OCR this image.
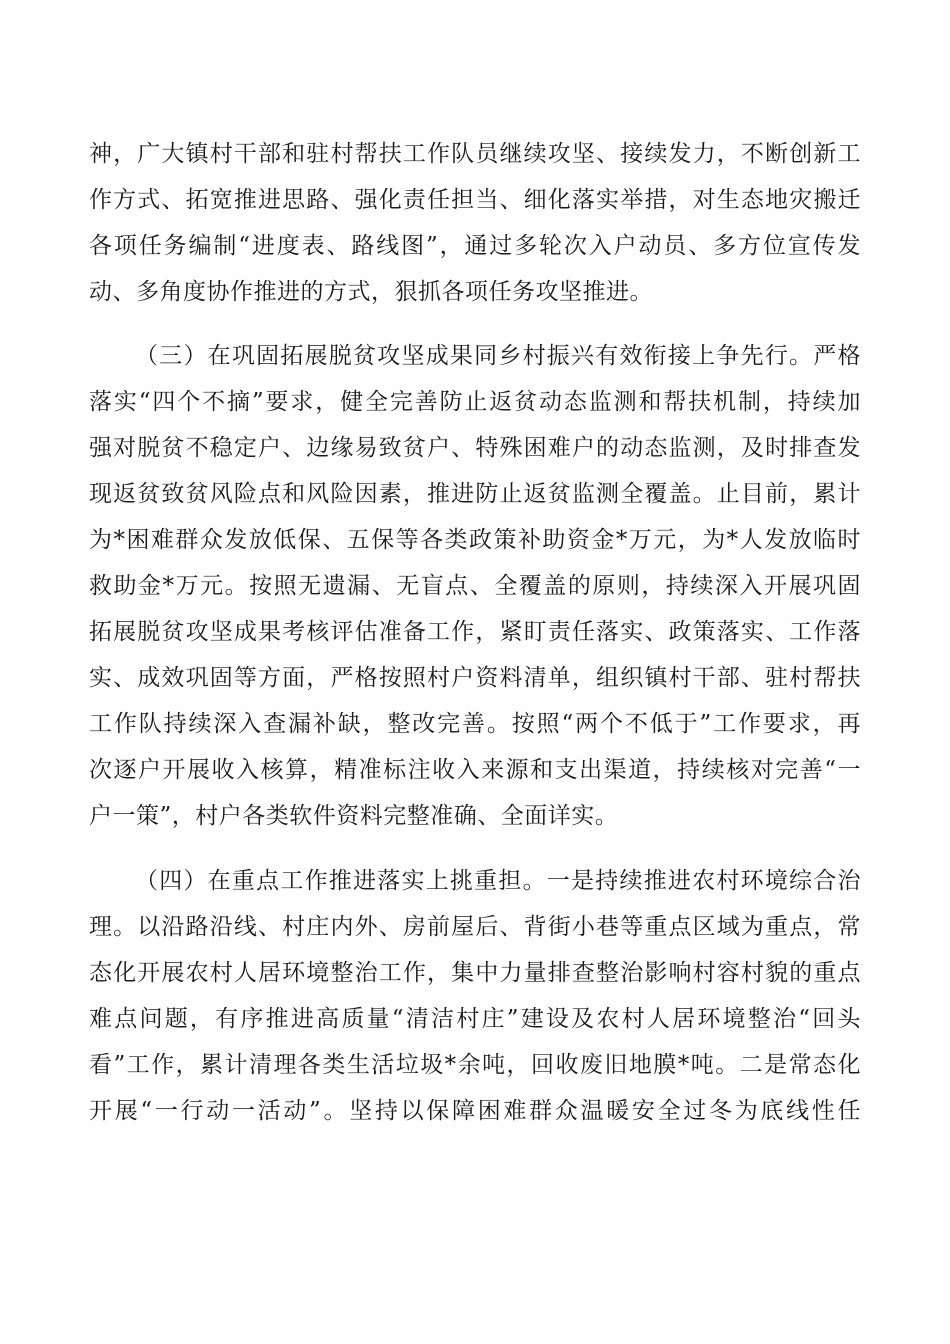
神，广大镇村干部和驻村帮扶工作队员继续攻坚、接续发力，不断创新工
作方式、拓宽推进思路、强化责任担当、细化落实举措，对生态地灾搬迁
各项任务编制“进度表、路线图”，通过多轮次入户动员、多方位宣传发
动、多角度协作推进的方式，狠抓各项任务攻坚推进。
（三）在巩固拓展脱贫攻坚成果同乡村振兴有效衔接上争先行。严格
落实“四个不摘”要求，健全完善防止返贫动态监测和帮扶机制，持续加
强对脱贫不稳定户、边缘易致贫户、特殊困难户的动态监测，及时排查发
现返贫致贫风险点和风险因素，推进防止返贫监测全覆盖。止目前，累计
为*困难群众发放低保、五保等各类政策补助资金*万元，为*人发放临时
救助金*万元。按照无遗漏、无盲点、全覆盖的原则，持续深入开展巩固
拓展脱贫攻坚成果考核评估准备工作，紧盯责任落实、政策落实、工作落
实、成效巩固等方面，严格按照村户资料清单，组织镇村干部、驻村帮扶
工作队持续深入查漏补缺，整改完善。按照“两个不低于”工作要求，再
次逐户开展收入核算，精准标注收入来源和支出渠道，持续核对完善“一
户一策”，村户各类软件资料完整准确、全面详实。
（四）在重点工作推进落实上挑重担。一是持续推进农村环境综合治
理。以沿路沿线、村庄内外、房前屋后、背街小巷等重点区域为重点，常
态化开展农村人居环境整治工作，集中力量排查整治影响村容村貌的重点
难点问题，有序推进高质量“清洁村庄”建设及农村人居环境整治“回头
看”工作，累计清理各类生活垃圾*余吨，回收废旧地膜*吨。二是常态化
开展“一行动一活动”。坚持以保障困难群众温暖安全过冬为底线性任
